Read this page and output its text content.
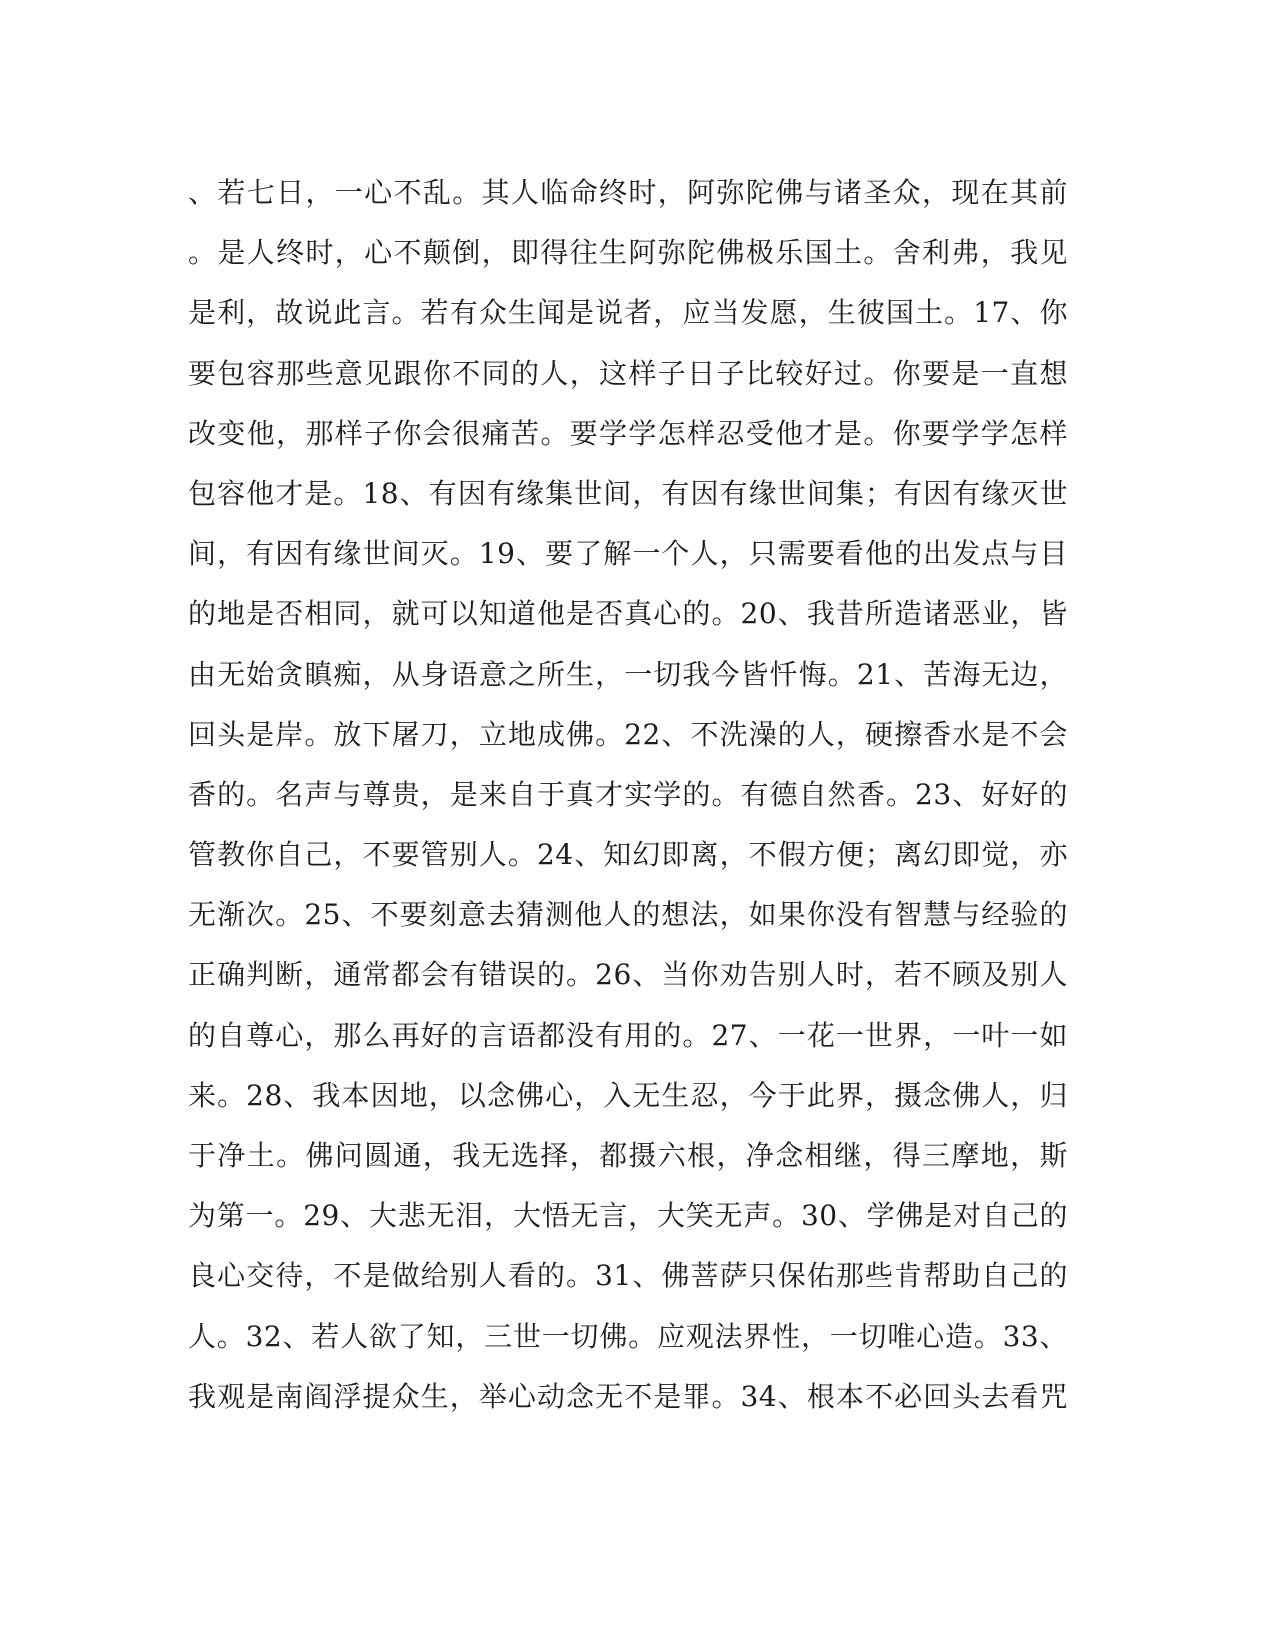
、若七日，一心不乱。其人临命终时，阿弥陀佛与诸圣众，现在其前
。是人终时，心不颠倒，即得往生阿弥陀佛极乐国土。舍利弗，我见
是利，故说此言。若有众生闻是说者，应当发愿，生彼国土。17、你
要包容那些意见跟你不同的人，这样子日子比较好过。你要是一直想
改变他，那样子你会很痛苦。要学学怎样忍受他才是。你要学学怎样
包容他才是。18、有因有缘集世间，有因有缘世间集；有因有缘灭世
间，有因有缘世间灭。19、要了解一个人，只需要看他的出发点与目
的地是否相同，就可以知道他是否真心的。20、我昔所造诸恶业，皆
由无始贪瞋痴，从身语意之所生，一切我今皆忏悔。21、苦海无边，
回头是岸。放下屠刀，立地成佛。22、不洗澡的人，硬擦香水是不会
香的。名声与尊贵，是来自于真才实学的。有德自然香。23、好好的
管教你自己，不要管别人。24、知幻即离，不假方便；离幻即觉，亦
无渐次。25、不要刻意去猜测他人的想法，如果你没有智慧与经验的
正确判断，通常都会有错误的。26、当你劝告别人时，若不顾及别人
的自尊心，那么再好的言语都没有用的。27、一花一世界，一叶一如
来。28、我本因地，以念佛心，入无生忍，今于此界，摄念佛人，归
于净土。佛问圆通，我无选择，都摄六根，净念相继，得三摩地，斯
为第一。29、大悲无泪，大悟无言，大笑无声。30、学佛是对自己的
良心交待，不是做给别人看的。31、佛菩萨只保佑那些肯帮助自己的
人。32、若人欲了知，三世一切佛。应观法界性，一切唯心造。33、
我观是南阎浮提众生，举心动念无不是罪。34、根本不必回头去看咒
